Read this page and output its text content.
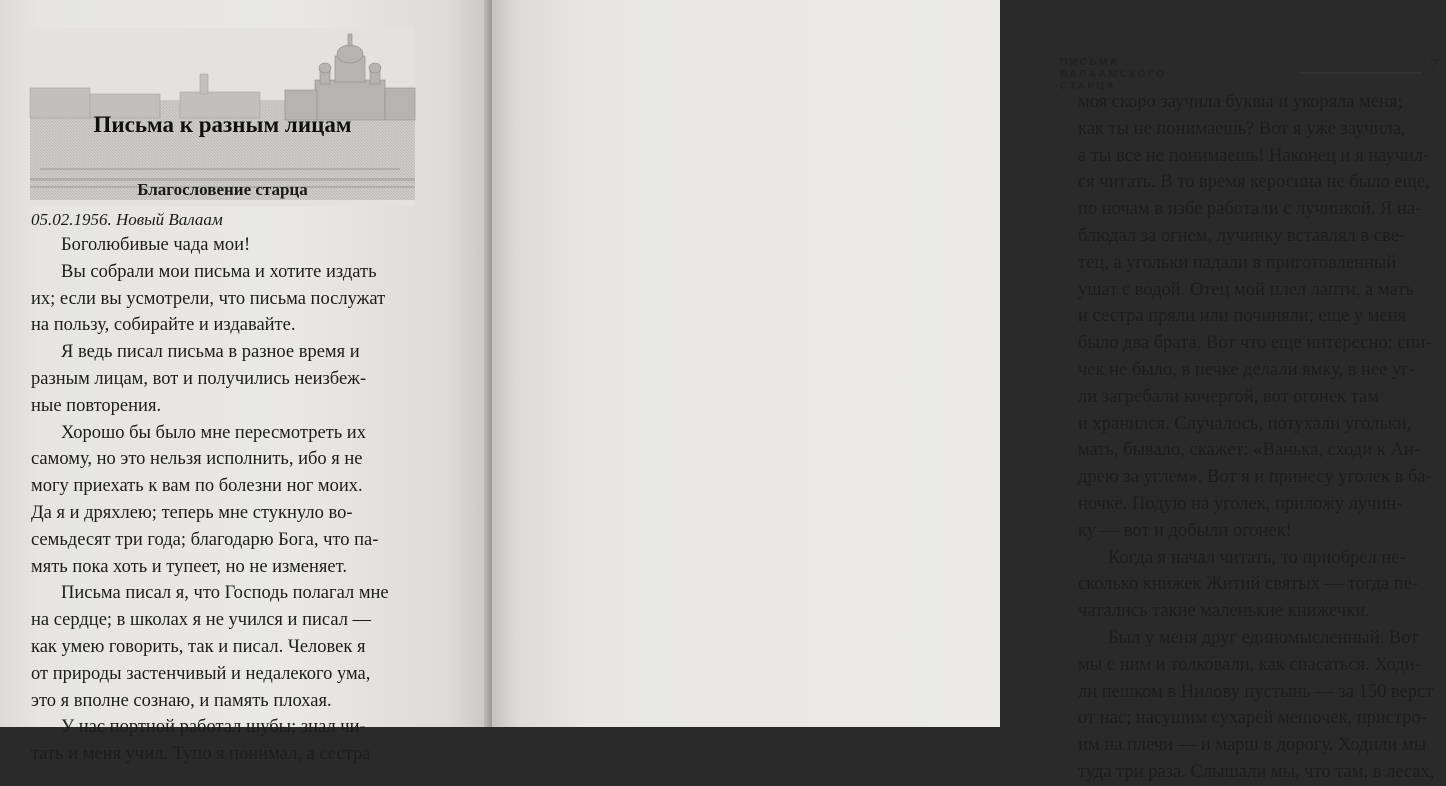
Письма к разным лицам
Благословение старца
05.02.1956. Новый Валаам
Боголюбивые чада мои!
Вы собрали мои письма и хотите издать
их; если вы усмотрели, что письма послужат
на пользу, собирайте и издавайте.
Я ведь писал письма в разное время и
разным лицам, вот и получились неизбеж-
ные повторения.
Хорошо бы было мне пересмотреть их
самому, но это нельзя исполнить, ибо я не
могу приехать к вам по болезни ног моих.
Да я и дряхлею; теперь мне стукнуло во-
семьдесят три года; благодарю Бога, что па-
мять пока хоть и тупеет, но не изменяет.
Письма писал я, что Господь полагал мне
на сердце; в школах я не учился и писал —
как умею говорить, так и писал. Человек я
от природы застенчивый и недалекого ума,
это я вполне сознаю, и память плохая.
У нас портной работал шубы; знал чи-
тать и меня учил. Тупо я понимал, а сестра
ПИСЬМА ВАЛААМСКОГО СТАРЦА
7
моя скоро заучила буквы и укоряла меня;
как ты не понимаешь? Вот я уже заучила,
а ты все не понимаешь! Наконец и я научил-
ся читать. В то время керосина не было еще,
по ночам в избе работали с лучинкой. Я на-
блюдал за огнем, лучинку вставлял в све-
тец, а угольки падали в приготовленный
ушат с водой. Отец мой плел лапти, а мать
и сестра пряли или починяли; еще у меня
было два брата. Вот что еще интересно: спи-
чек не было, в печке делали ямку, в нее уг-
ли загребали кочергой, вот огонек там
и хранился. Случалось, потухали угольки,
мать, бывало, скажет: «Ванька, сходи к Ан-
дрею за углем». Вот я и принесу уголек в ба-
ночке. Подую на уголек, приложу лучин-
ку — вот и добыли огонек!
Когда я начал читать, то приобрел не-
сколько книжек Житий святых — тогда пе-
чатались такие маленькие книжечки.
Был у меня друг единомысленный. Вот
мы с ним и толковали, как спасаться. Ходи-
ли пешком в Нилову пустынь — за 150 верст
от нас; насушим сухарей мешочек, пристро-
им на плечи — и марш в дорогу. Ходили мы
туда три раза. Слышали мы, что там, в лесах,
